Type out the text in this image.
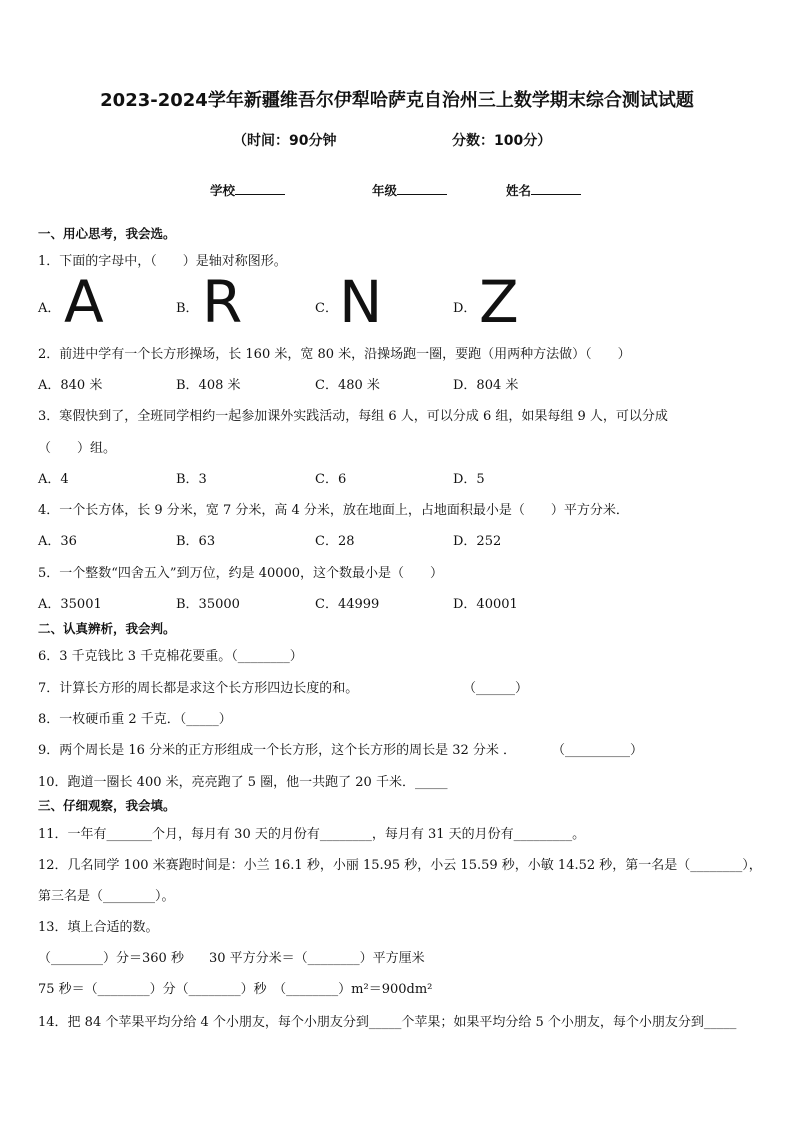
2023-2024学年新疆维吾尔伊犁哈萨克自治州三上数学期末综合测试试题
（时间：90分钟	分数：100分）
学校	年级	姓名
一、用心思考，我会选。
1．下面的字母中，（　　）是轴对称图形。
A． A	B． R	C． N	D． Z
2．前进中学有一个长方形操场，长 160 米，宽 80 米，沿操场跑一圈，要跑（用两种方法做）（　　）
A．840 米	B．408 米	C．480 米	D．804 米
3．寒假快到了，全班同学相约一起参加课外实践活动，每组 6 人，可以分成 6 组，如果每组 9 人，可以分成
（　　）组。
A．4	B．3	C．6	D．5
4．一个长方体，长 9 分米，宽 7 分米，高 4 分米，放在地面上，占地面积最小是（　　）平方分米．
A．36	B．63	C．28	D．252
5．一个整数“四舍五入”到万位，约是 40000，这个数最小是（　　）
A．35001	B．35000	C．44999	D．40001
二、认真辨析，我会判。
6．3 千克钱比 3 千克棉花要重。（________）
7．计算长方形的周长都是求这个长方形四边长度的和。	（______）
8．一枚硬币重 2 千克．（_____）
9．两个周长是 16 分米的正方形组成一个长方形，这个长方形的周长是 32 分米 ．	（__________）
10．跑道一圈长 400 米，亮亮跑了 5 圈，他一共跑了 20 千米．_____
三、仔细观察，我会填。
11．一年有_______个月，每月有 30 天的月份有________，每月有 31 天的月份有_________。
12．几名同学 100 米赛跑时间是：小兰 16.1 秒，小丽 15.95 秒，小云 15.59 秒，小敏 14.52 秒，第一名是（________），
第三名是（________）。
13．填上合适的数。
（________）分＝360 秒 30 平方分米＝（________）平方厘米
75 秒＝（________）分（________）秒　（________）m²＝900dm²
14．把 84 个苹果平均分给 4 个小朋友，每个小朋友分到_____个苹果；如果平均分给 5 个小朋友，每个小朋友分到_____
